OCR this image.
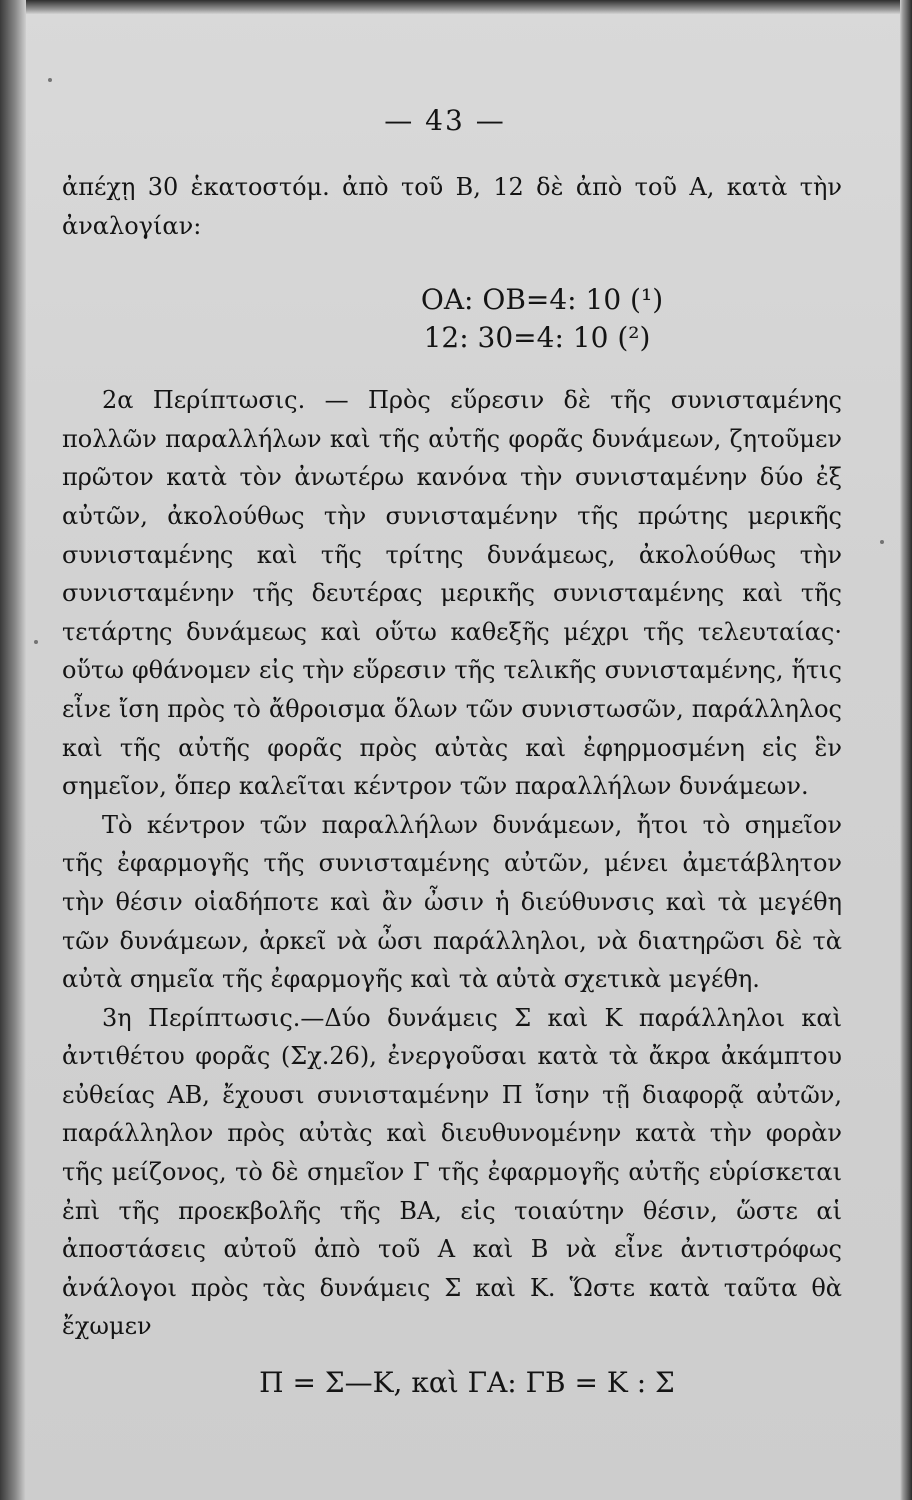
— 43 —

ἀπέχῃ 30 ἑκατοστόμ. ἀπὸ τοῦ Β, 12 δὲ ἀπὸ τοῦ Α, κατὰ τὴν ἀναλογίαν:

ΟΑ: ΟΒ=4: 10 (¹)

12: 30=4: 10 (²)

2α Περίπτωσις. — Πρὸς εὕρεσιν δὲ τῆς συνισταμένης πολλῶν παραλλήλων καὶ τῆς αὐτῆς φορᾶς δυνάμεων, ζητοῦμεν πρῶτον κατὰ τὸν ἀνωτέρω κανόνα τὴν συνισταμένην δύο ἐξ αὐτῶν, ἀκολούθως τὴν συνισταμένην τῆς πρώτης μερικῆς συνισταμένης καὶ τῆς τρίτης δυνάμεως, ἀκολούθως τὴν συνισταμένην τῆς δευτέρας μερικῆς συνισταμένης καὶ τῆς τετάρτης δυνάμεως καὶ οὕτω καθεξῆς μέχρι τῆς τελευταίας· οὕτω φθάνομεν εἰς τὴν εὕρεσιν τῆς τελικῆς συνισταμένης, ἥτις εἶνε ἴση πρὸς τὸ ἄθροισμα ὅλων τῶν συνιστωσῶν, παράλληλος καὶ τῆς αὐτῆς φορᾶς πρὸς αὐτὰς καὶ ἐφηρμοσμένη εἰς ἓν σημεῖον, ὅπερ καλεῖται κέντρον τῶν παραλλήλων δυνάμεων.

Τὸ κέντρον τῶν παραλλήλων δυνάμεων, ἤτοι τὸ σημεῖον τῆς ἐφαρμογῆς τῆς συνισταμένης αὐτῶν, μένει ἀμετάβλητον τὴν θέσιν οἱαδήποτε καὶ ἂν ὦσιν ἡ διεύθυνσις καὶ τὰ μεγέθη τῶν δυνάμεων, ἀρκεῖ νὰ ὦσι παράλληλοι, νὰ διατηρῶσι δὲ τὰ αὐτὰ σημεῖα τῆς ἐφαρμογῆς καὶ τὰ αὐτὰ σχετικὰ μεγέθη.

3η Περίπτωσις.—Δύο δυνάμεις Σ καὶ Κ παράλληλοι καὶ ἀντιθέτου φορᾶς (Σχ.26), ἐνεργοῦσαι κατὰ τὰ ἄκρα ἀκάμπτου εὐθείας ΑΒ, ἔχουσι συνισταμένην Π ἴσην τῇ διαφορᾷ αὐτῶν, παράλληλον πρὸς αὐτὰς καὶ διευθυνομένην κατὰ τὴν φορὰν τῆς μείζονος, τὸ δὲ σημεῖον Γ τῆς ἐφαρμογῆς αὐτῆς εὑρίσκεται ἐπὶ τῆς προεκβολῆς τῆς ΒΑ, εἰς τοιαύτην θέσιν, ὥστε αἱ ἀποστάσεις αὐτοῦ ἀπὸ τοῦ Α καὶ Β νὰ εἶνε ἀντιστρόφως ἀνάλογοι πρὸς τὰς δυνάμεις Σ καὶ Κ. Ὥστε κατὰ ταῦτα θὰ ἔχωμεν

Π = Σ—Κ, καὶ ΓΑ: ΓΒ = Κ : Σ
